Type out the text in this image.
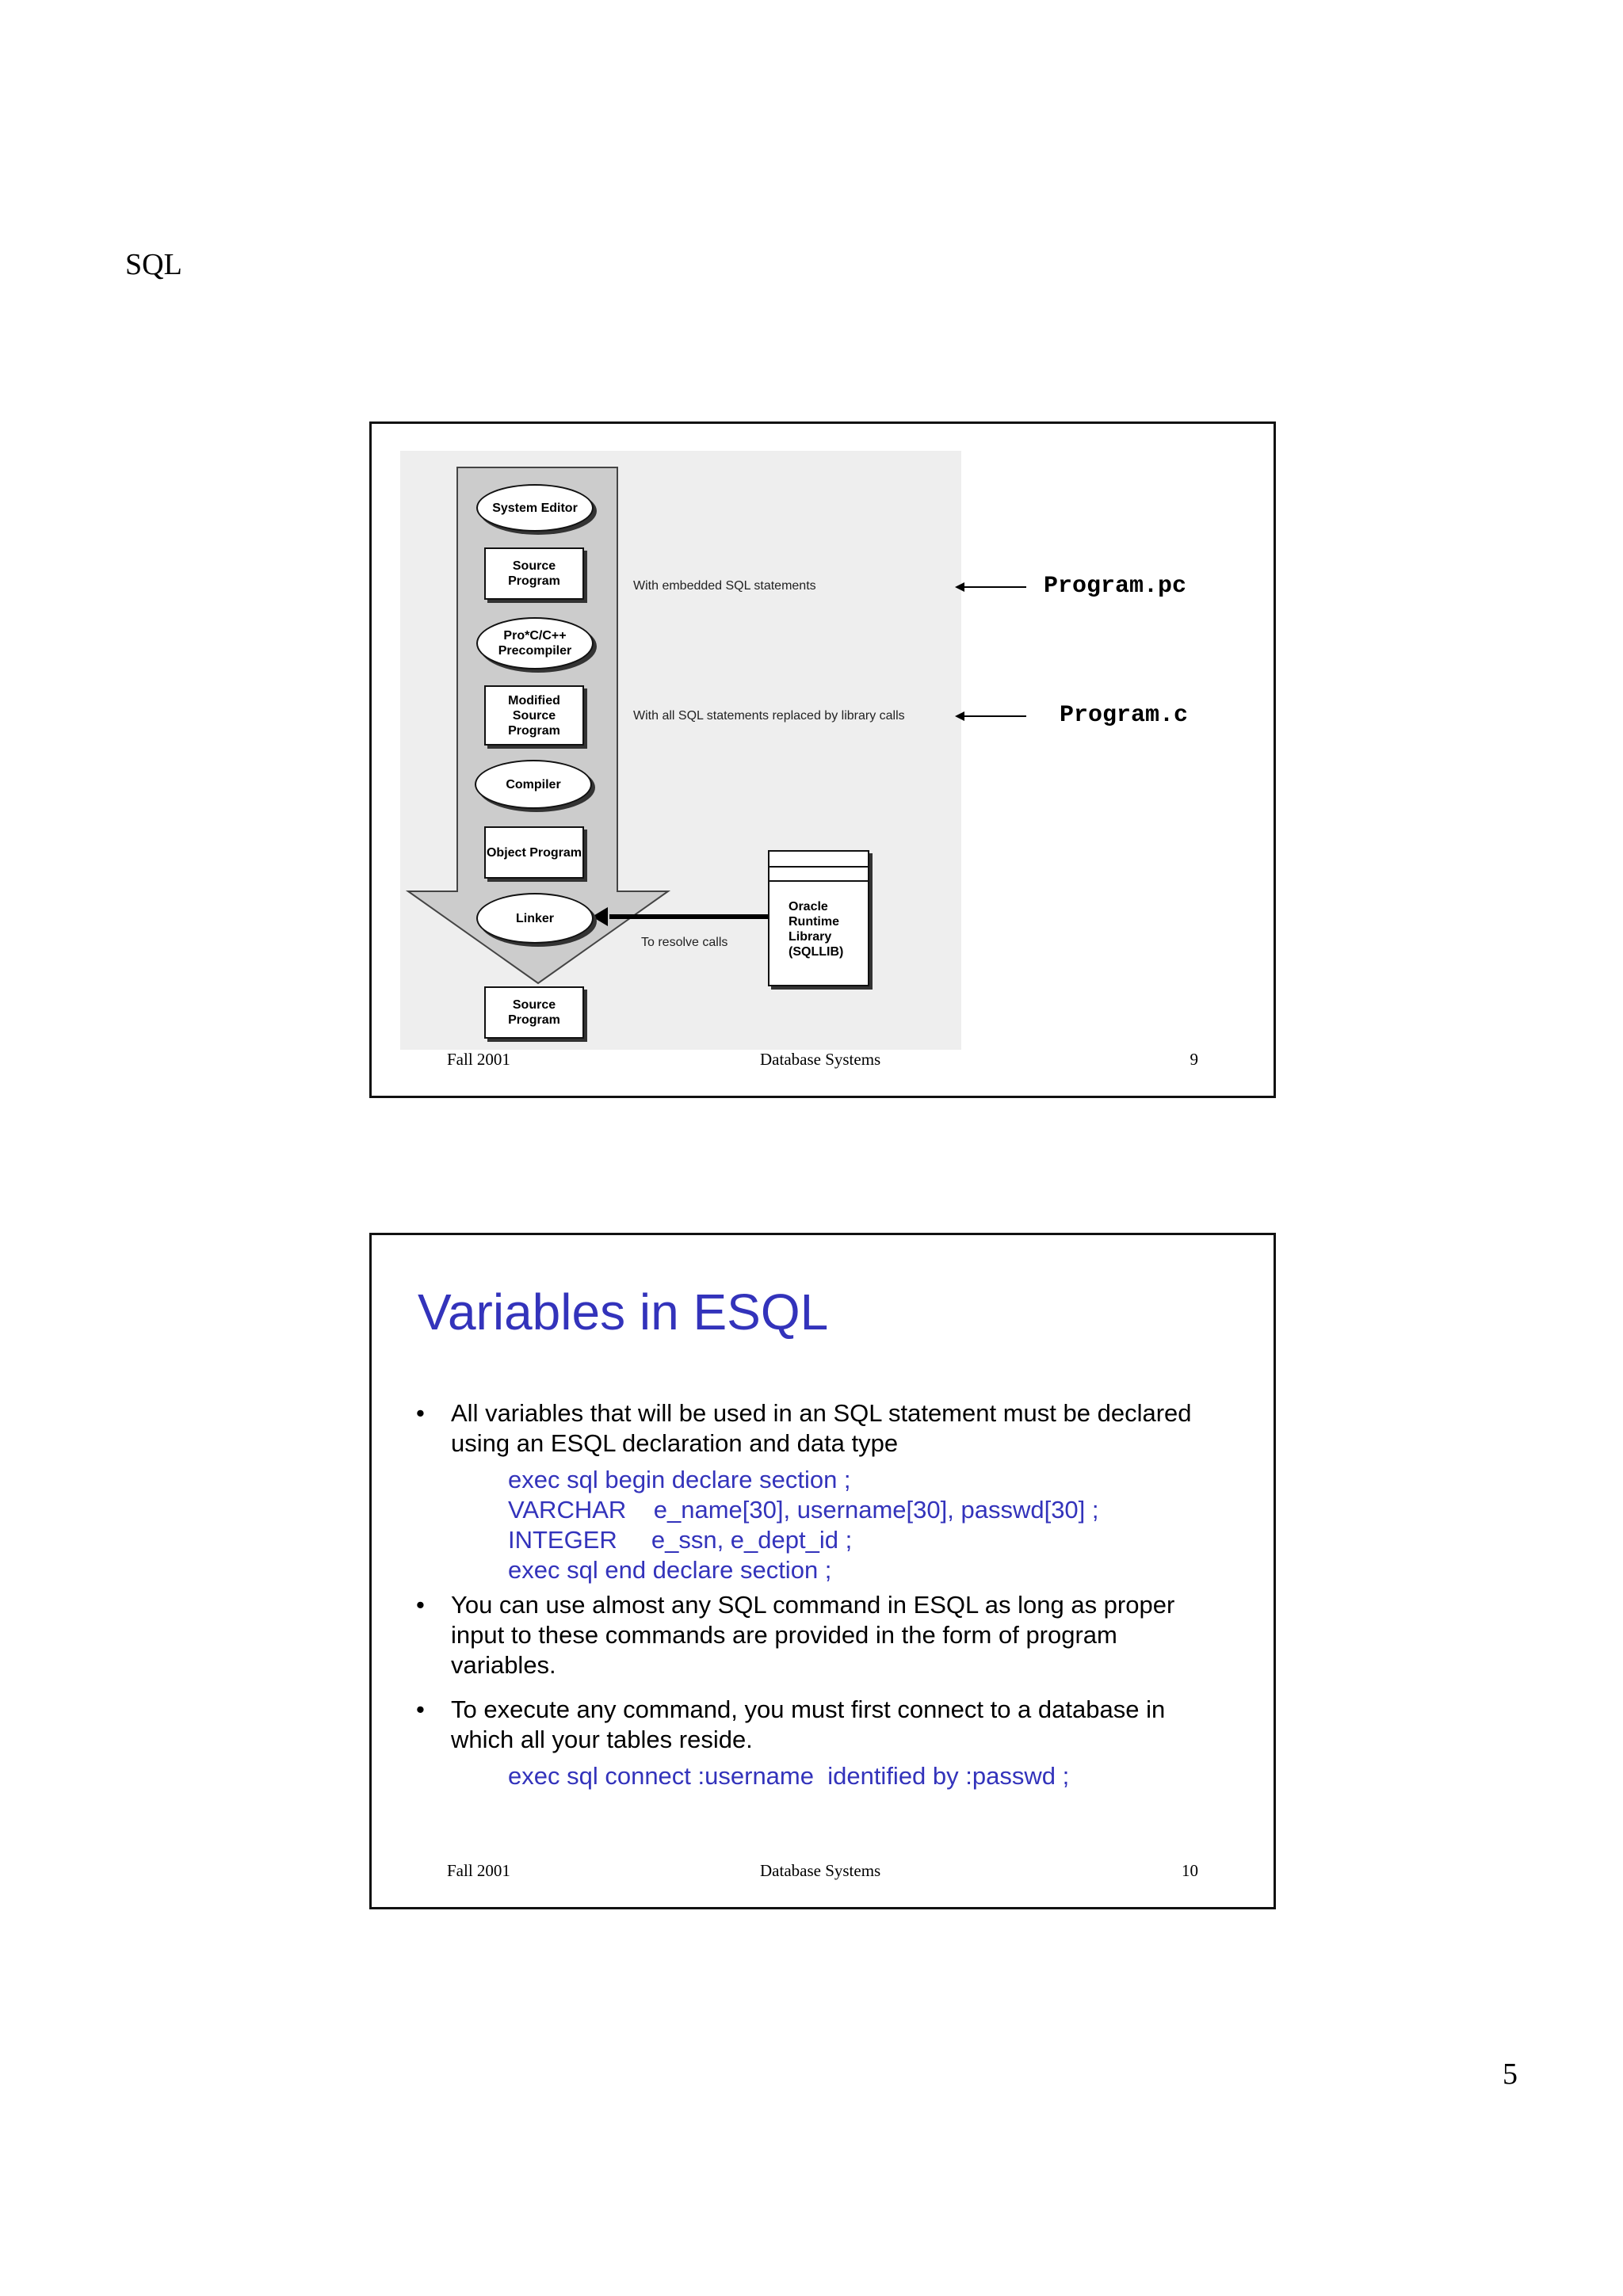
SQL
System Editor
Source Program
Pro*C/C++ Precompiler
Modified Source Program
Compiler
Object Program
Linker
Source Program
With embedded SQL statements
With all SQL statements replaced by library calls
To resolve calls
Oracle Runtime Library (SQLLIB)
Program.pc
Program.c
Fall 2001	Database Systems	9
Variables in ESQL
• All variables that will be used in an SQL statement must be declared
using an ESQL declaration and data type
exec sql begin declare section ;
VARCHAR    e_name[30], username[30], passwd[30] ;
INTEGER     e_ssn, e_dept_id ;
exec sql end declare section ;
• You can use almost any SQL command in ESQL as long as proper
input to these commands are provided in the form of program
variables.
• To execute any command, you must first connect to a database in
which all your tables reside.
exec sql connect :username  identified by :passwd ;
Fall 2001	Database Systems	10
5
